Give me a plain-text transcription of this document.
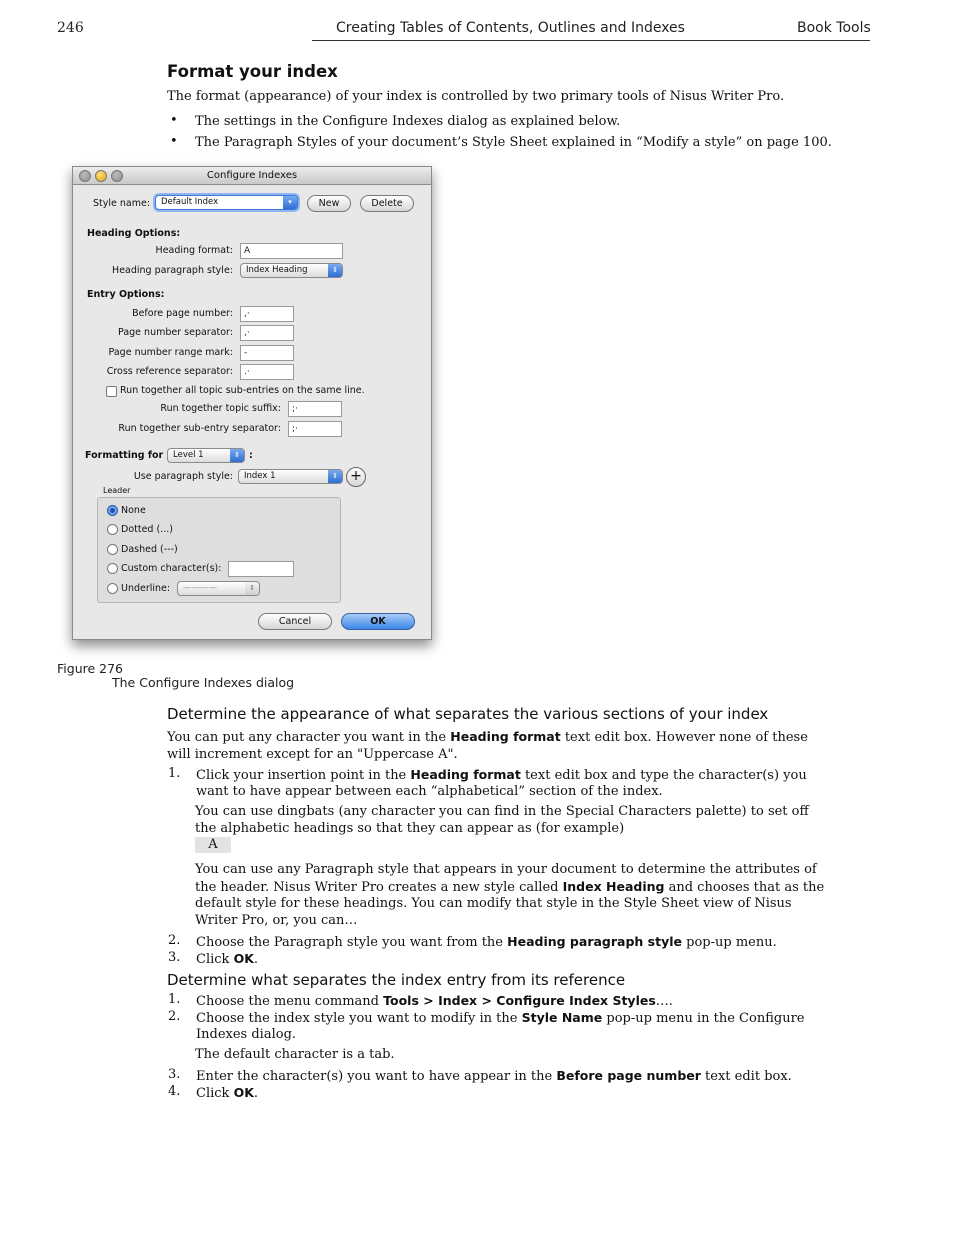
246	Creating Tables of Contents, Outlines and Indexes	Book Tools
Format your index
The format (appearance) of your index is controlled by two primary tools of Nisus Writer Pro.
• The settings in the Configure Indexes dialog as explained below.
• The Paragraph Styles of your document’s Style Sheet explained in “Modify a style” on page 100.
Configure Indexes
Style name:	Default Index	▾	New	Delete
Heading Options:
Heading format:	A
Heading paragraph style:	Index Heading	⇕
Entry Options:
Before page number:	,·
Page number separator:	,·
Page number range mark:	-
Cross reference separator:	.·
Run together all topic sub-entries on the same line.
Run together topic suffix:	;·
Run together sub-entry separator:	;·
Formatting for	Level 1	⇕ :
Use paragraph style:	Index 1	⇕ +
Leader
None
Dotted (...)
Dashed (---)
Custom character(s):
Underline:	————	⇕
Cancel	OK
Figure 276
The Configure Indexes dialog
Determine the appearance of what separates the various sections of your index
You can put any character you want in the Heading format text edit box. However none of these
will increment except for an "Uppercase A".
1. Click your insertion point in the Heading format text edit box and type the character(s) you
want to have appear between each “alphabetical” section of the index.
You can use dingbats (any character you can find in the Special Characters palette) to set off
the alphabetic headings so that they can appear as (for example)
A
You can use any Paragraph style that appears in your document to determine the attributes of
the header. Nisus Writer Pro creates a new style called Index Heading and chooses that as the
default style for these headings. You can modify that style in the Style Sheet view of Nisus
Writer Pro, or, you can…
2. Choose the Paragraph style you want from the Heading paragraph style pop-up menu.
3. Click OK.
Determine what separates the index entry from its reference
1. Choose the menu command Tools > Index > Configure Index Styles….
2. Choose the index style you want to modify in the Style Name pop-up menu in the Configure
Indexes dialog.
The default character is a tab.
3. Enter the character(s) you want to have appear in the Before page number text edit box.
4. Click OK.
